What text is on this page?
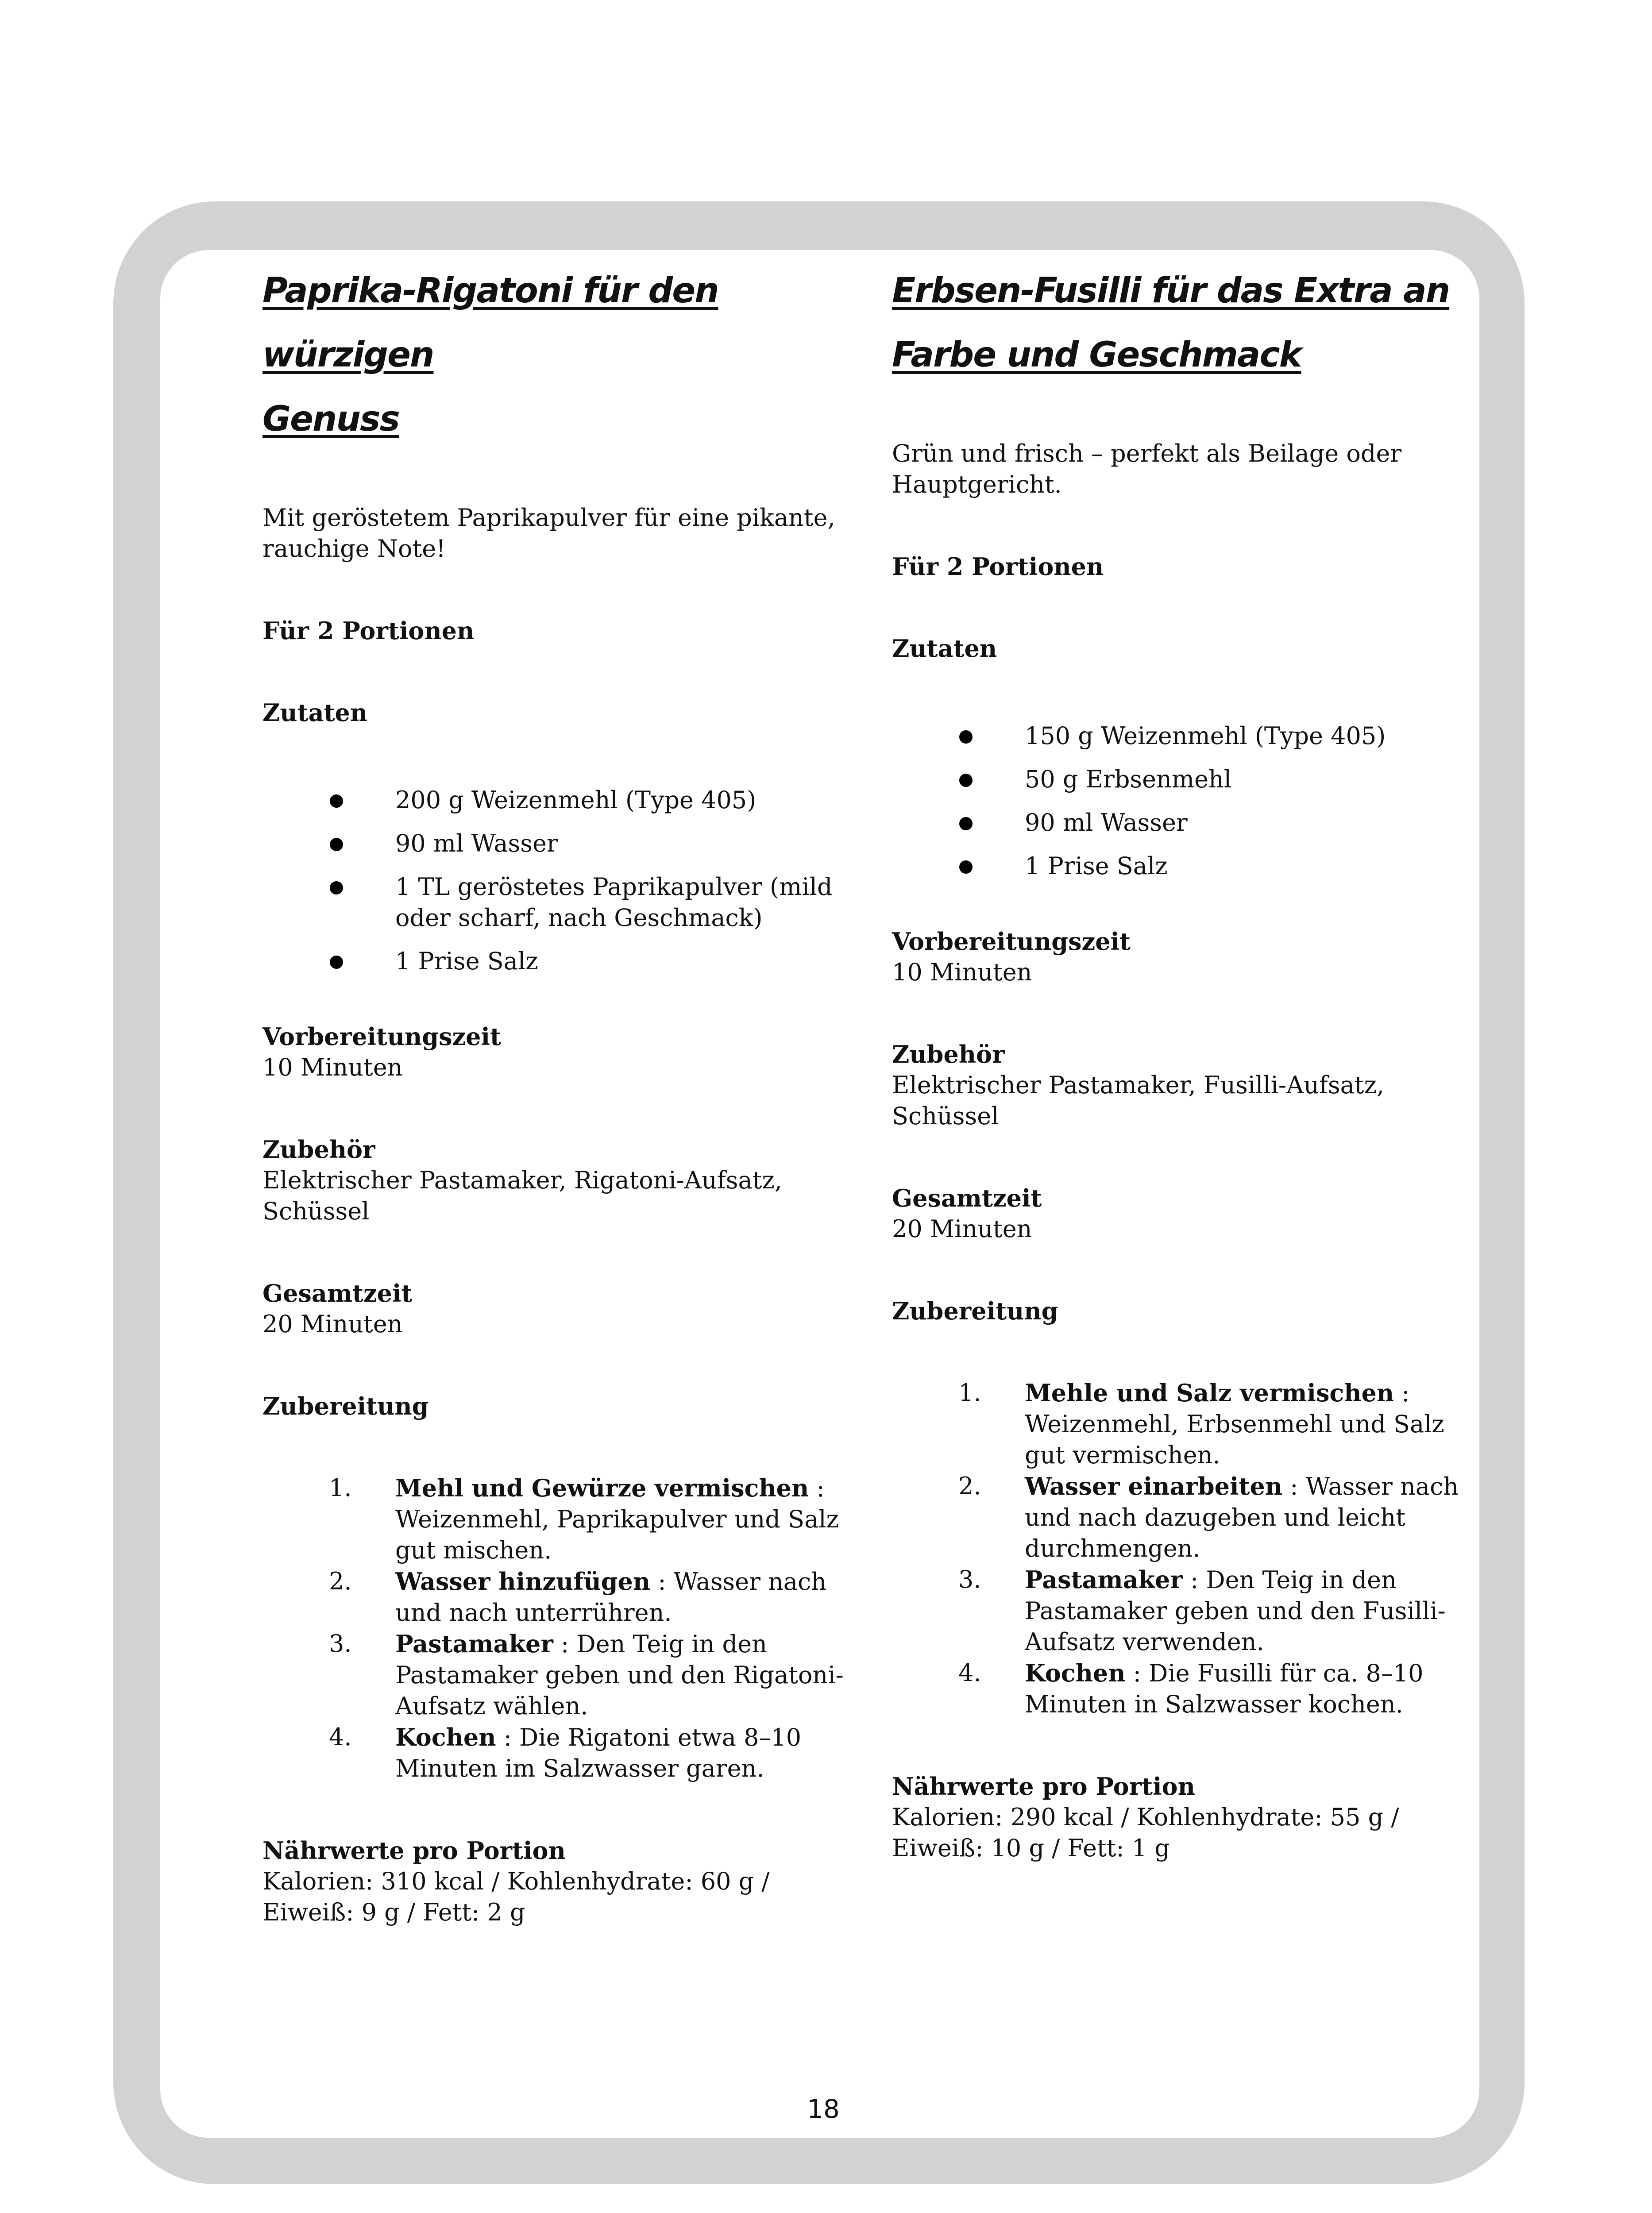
Paprika-Rigatoni für den würzigen
Genuss

Mit geröstetem Paprikapulver für eine pikante, rauchige Note!

Für 2 Portionen

Zutaten

200 g Weizenmehl (Type 405)
90 ml Wasser
1 TL geröstetes Paprikapulver (mild oder scharf, nach Geschmack)
1 Prise Salz

Vorbereitungszeit

10 Minuten

Zubehör

Elektrischer Pastamaker, Rigatoni-Aufsatz, Schüssel

Gesamtzeit

20 Minuten

Zubereitung

1. Mehl und Gewürze vermischen : Weizenmehl, Paprikapulver und Salz gut mischen.
2. Wasser hinzufügen : Wasser nach und nach unterrühren.
3. Pastamaker : Den Teig in den Pastamaker geben und den Rigatoni-Aufsatz wählen.
4. Kochen : Die Rigatoni etwa 8–10 Minuten im Salzwasser garen.

Nährwerte pro Portion

Kalorien: 310 kcal / Kohlenhydrate: 60 g / Eiweiß: 9 g / Fett: 2 g

Erbsen-Fusilli für das Extra an
Farbe und Geschmack

Grün und frisch – perfekt als Beilage oder Hauptgericht.

Für 2 Portionen

Zutaten

150 g Weizenmehl (Type 405)
50 g Erbsenmehl
90 ml Wasser
1 Prise Salz

Vorbereitungszeit

10 Minuten

Zubehör

Elektrischer Pastamaker, Fusilli-Aufsatz, Schüssel

Gesamtzeit

20 Minuten

Zubereitung

1. Mehle und Salz vermischen : Weizenmehl, Erbsenmehl und Salz gut vermischen.
2. Wasser einarbeiten : Wasser nach und nach dazugeben und leicht durchmengen.
3. Pastamaker : Den Teig in den Pastamaker geben und den Fusilli-Aufsatz verwenden.
4. Kochen : Die Fusilli für ca. 8–10 Minuten in Salzwasser kochen.

Nährwerte pro Portion

Kalorien: 290 kcal / Kohlenhydrate: 55 g / Eiweiß: 10 g / Fett: 1 g

18
